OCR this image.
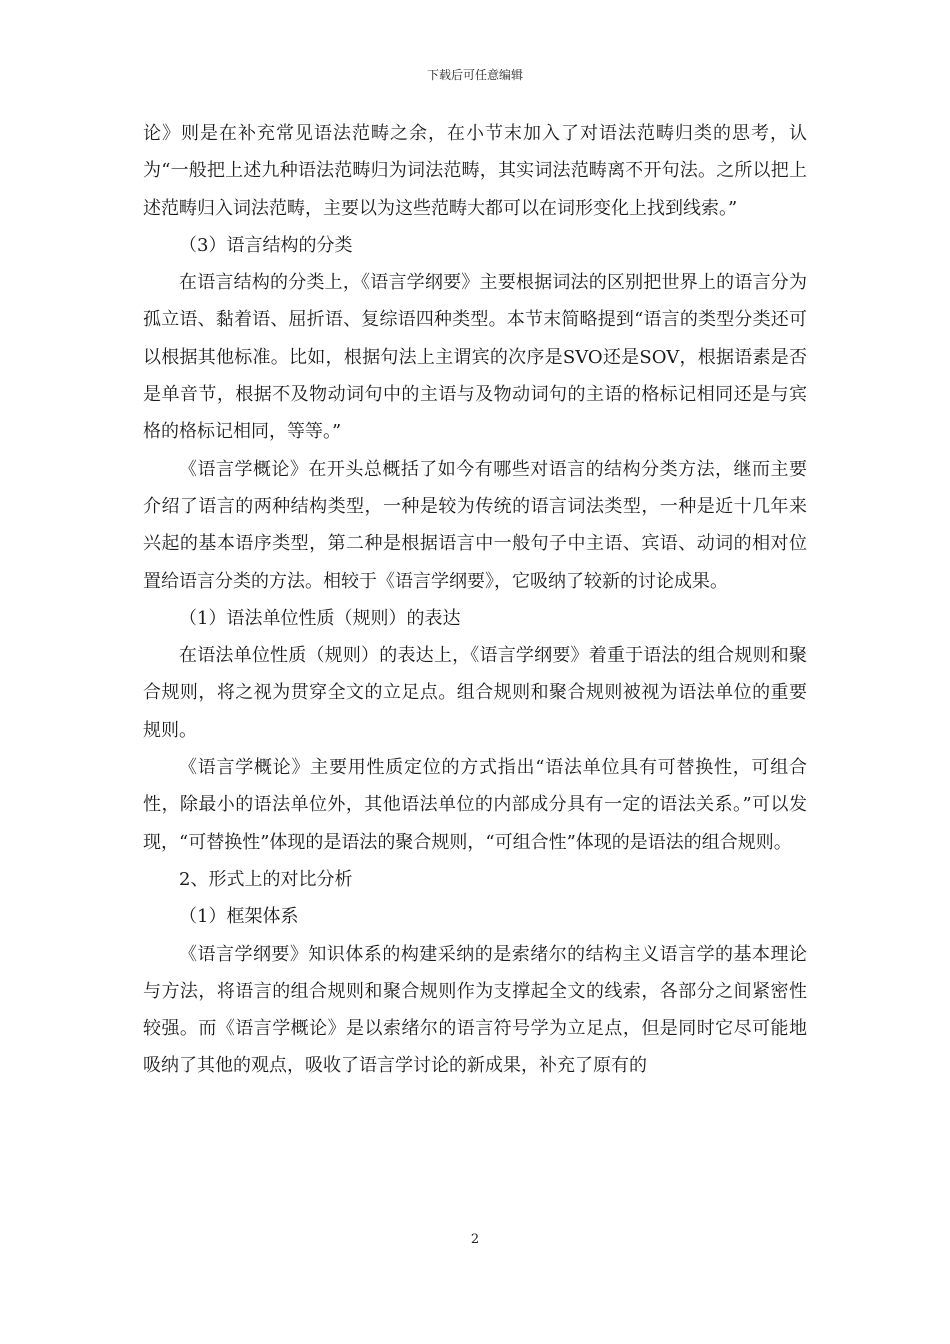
下载后可任意编辑

论》则是在补充常见语法范畴之余，在小节末加入了对语法范畴归类的思考，认为“一般把上述九种语法范畴归为词法范畴，其实词法范畴离不开句法。之所以把上述范畴归入词法范畴，主要以为这些范畴大都可以在词形变化上找到线索。”

（3）语言结构的分类

在语言结构的分类上，《语言学纲要》主要根据词法的区别把世界上的语言分为孤立语、黏着语、屈折语、复综语四种类型。本节末简略提到“语言的类型分类还可以根据其他标准。比如，根据句法上主谓宾的次序是SVO还是SOV，根据语素是否是单音节，根据不及物动词句中的主语与及物动词句的主语的格标记相同还是与宾格的格标记相同，等等。”

《语言学概论》在开头总概括了如今有哪些对语言的结构分类方法，继而主要介绍了语言的两种结构类型，一种是较为传统的语言词法类型，一种是近十几年来兴起的基本语序类型，第二种是根据语言中一般句子中主语、宾语、动词的相对位置给语言分类的方法。相较于《语言学纲要》，它吸纳了较新的讨论成果。

（1）语法单位性质（规则）的表达

在语法单位性质（规则）的表达上，《语言学纲要》着重于语法的组合规则和聚合规则，将之视为贯穿全文的立足点。组合规则和聚合规则被视为语法单位的重要规则。

《语言学概论》主要用性质定位的方式指出“语法单位具有可替换性，可组合性，除最小的语法单位外，其他语法单位的内部成分具有一定的语法关系。”可以发现，“可替换性”体现的是语法的聚合规则，“可组合性”体现的是语法的组合规则。

2、形式上的对比分析

（1）框架体系

《语言学纲要》知识体系的构建采纳的是索绪尔的结构主义语言学的基本理论与方法，将语言的组合规则和聚合规则作为支撑起全文的线索，各部分之间紧密性较强。而《语言学概论》是以索绪尔的语言符号学为立足点，但是同时它尽可能地吸纳了其他的观点，吸收了语言学讨论的新成果，补充了原有的

2
